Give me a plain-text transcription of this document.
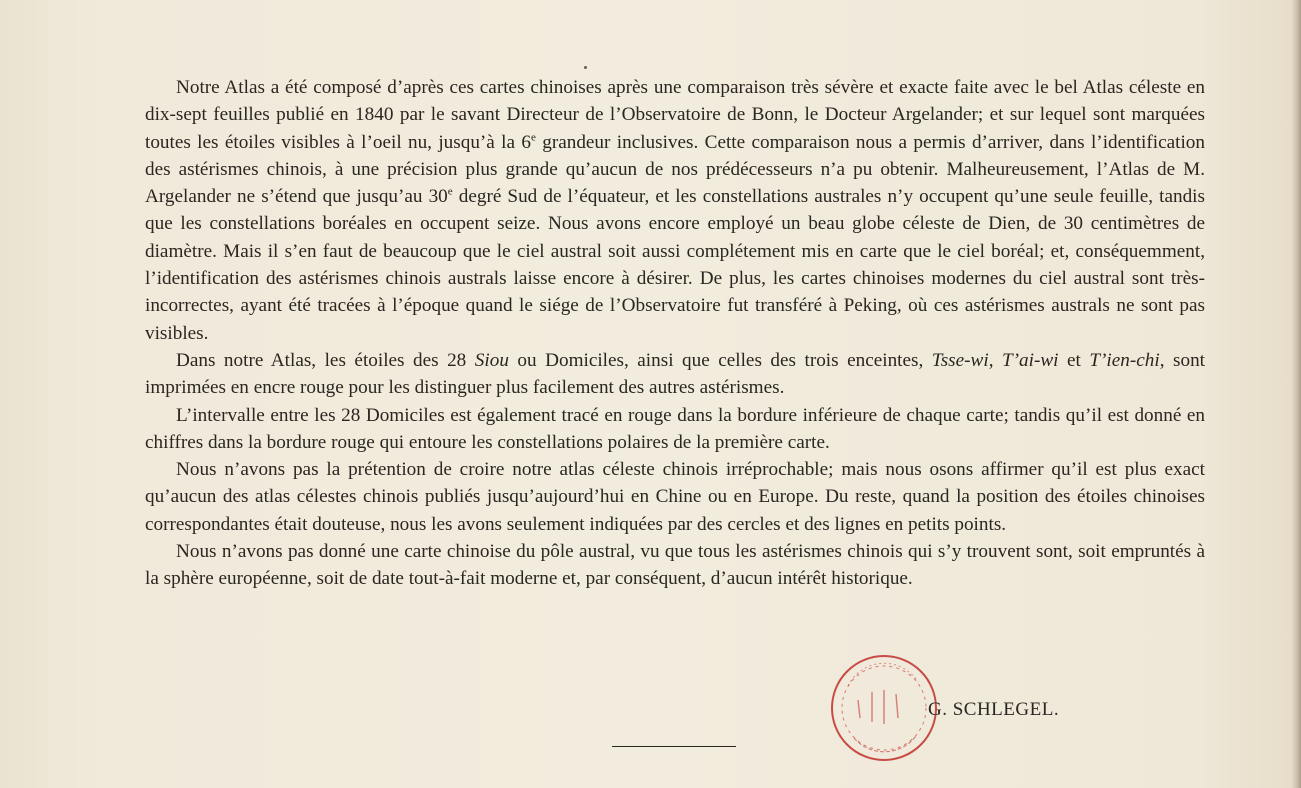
Notre Atlas a été composé d’après ces cartes chinoises après une comparaison très sévère et exacte faite avec le bel Atlas céleste en dix-sept feuilles publié en 1840 par le savant Directeur de l’Observatoire de Bonn, le Docteur Argelander; et sur lequel sont marquées toutes les étoiles visibles à l’oeil nu, jusqu’à la 6e grandeur inclusives. Cette comparaison nous a permis d’arriver, dans l’identification des astérismes chinois, à une précision plus grande qu’aucun de nos prédécesseurs n’a pu obtenir. Malheureusement, l’Atlas de M. Argelander ne s’étend que jusqu’au 30e degré Sud de l’équateur, et les constellations australes n’y occupent qu’une seule feuille, tandis que les constellations boréales en occupent seize. Nous avons encore employé un beau globe céleste de Dien, de 30 centimètres de diamètre. Mais il s’en faut de beaucoup que le ciel austral soit aussi complétement mis en carte que le ciel boréal; et, conséquemment, l’identification des astérismes chinois australs laisse encore à désirer. De plus, les cartes chinoises modernes du ciel austral sont très-incorrectes, ayant été tracées à l’époque quand le siége de l’Observatoire fut transféré à Peking, où ces astérismes australs ne sont pas visibles.

Dans notre Atlas, les étoiles des 28 Siou ou Domiciles, ainsi que celles des trois enceintes, Tsse-wi, T’ai-wi et T’ien-chi, sont imprimées en encre rouge pour les distinguer plus facilement des autres astérismes.

L’intervalle entre les 28 Domiciles est également tracé en rouge dans la bordure inférieure de chaque carte; tandis qu’il est donné en chiffres dans la bordure rouge qui entoure les constellations polaires de la première carte.

Nous n’avons pas la prétention de croire notre atlas céleste chinois irréprochable; mais nous osons affirmer qu’il est plus exact qu’aucun des atlas célestes chinois publiés jusqu’aujourd’hui en Chine ou en Europe. Du reste, quand la position des étoiles chinoises correspondantes était douteuse, nous les avons seulement indiquées par des cercles et des lignes en petits points.

Nous n’avons pas donné une carte chinoise du pôle austral, vu que tous les astérismes chinois qui s’y trouvent sont, soit empruntés à la sphère européenne, soit de date tout-à-fait moderne et, par conséquent, d’aucun intérêt historique.

G. SCHLEGEL.
